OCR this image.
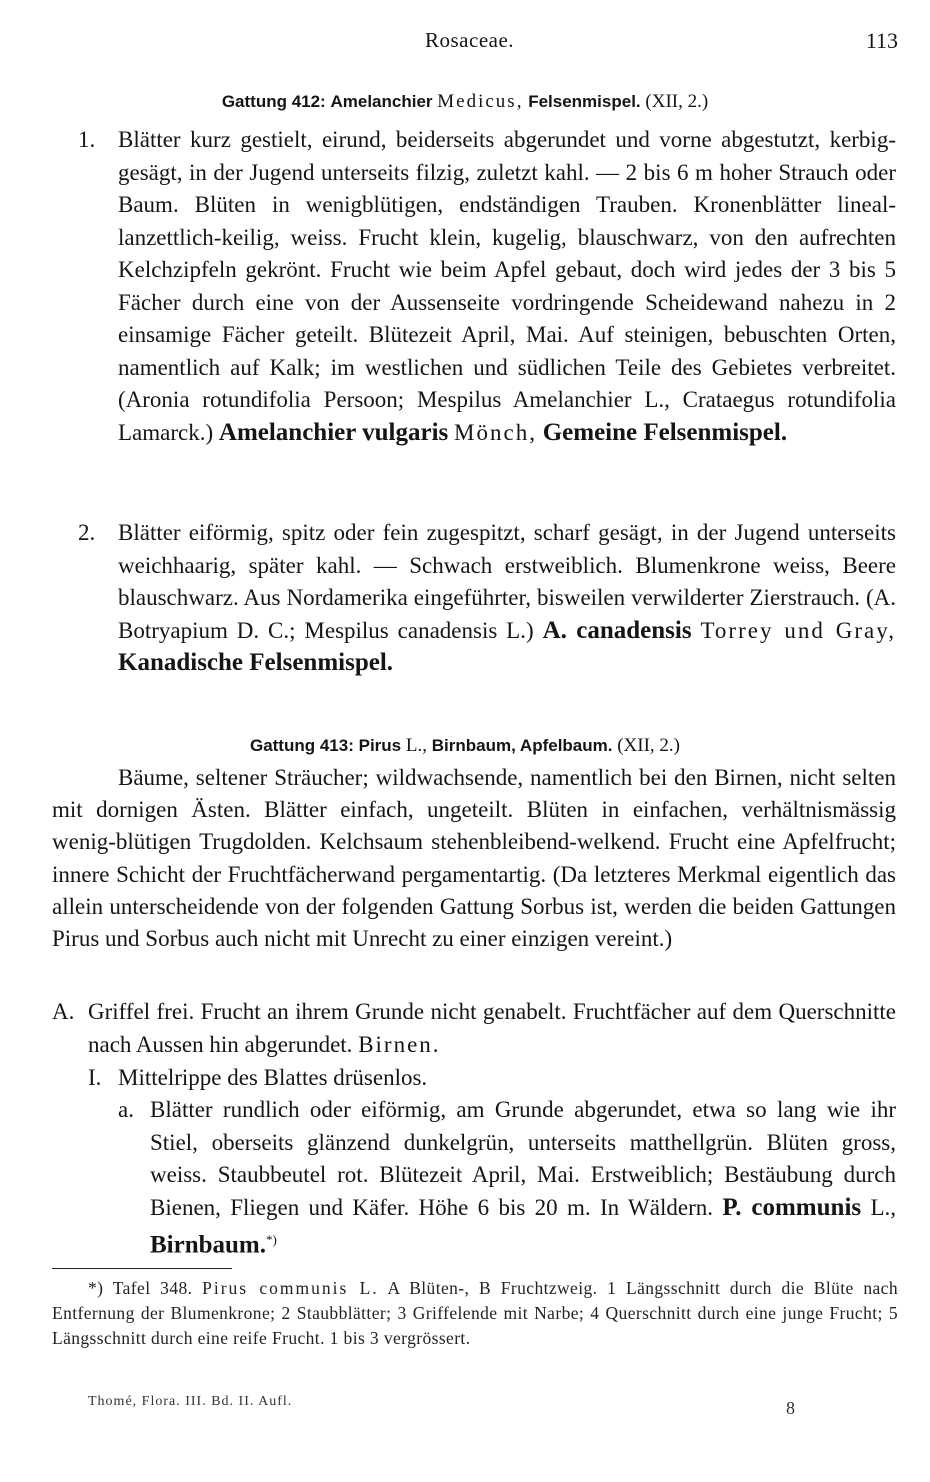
Rosaceae.	113
Gattung 412: Amelanchier Medicus, Felsenmispel. (XII, 2.)
1. Blätter kurz gestielt, eirund, beiderseits abgerundet und vorne abgestutzt, kerbig-gesägt, in der Jugend unterseits filzig, zuletzt kahl. — 2 bis 6 m hoher Strauch oder Baum. Blüten in wenigblütigen, endständigen Trauben. Kronenblätter lineal-lanzettlich-keilig, weiss. Frucht klein, kugelig, blauschwarz, von den aufrechten Kelchzipfeln gekrönt. Frucht wie beim Apfel gebaut, doch wird jedes der 3 bis 5 Fächer durch eine von der Aussenseite vordringende Scheidewand nahezu in 2 einsamige Fächer geteilt. Blütezeit April, Mai. Auf steinigen, bebuschten Orten, namentlich auf Kalk; im westlichen und südlichen Teile des Gebietes verbreitet. (Aronia rotundifolia Persoon; Mespilus Amelanchier L., Crataegus rotundifolia Lamarck.) Amelanchier vulgaris Mönch, Gemeine Felsenmispel.
2. Blätter eiförmig, spitz oder fein zugespitzt, scharf gesägt, in der Jugend unterseits weichhaarig, später kahl. — Schwach erstweiblich. Blumenkrone weiss, Beere blauschwarz. Aus Nordamerika eingeführter, bisweilen verwilderter Zierstrauch. (A. Botryapium D. C.; Mespilus canadensis L.) A. canadensis Torrey und Gray, Kanadische Felsenmispel.
Gattung 413: Pirus L., Birnbaum, Apfelbaum. (XII, 2.)
Bäume, seltener Sträucher; wildwachsende, namentlich bei den Birnen, nicht selten mit dornigen Ästen. Blätter einfach, ungeteilt. Blüten in einfachen, verhältnismässig wenig-blütigen Trugdolden. Kelchsaum stehenbleibend-welkend. Frucht eine Apfelfrucht; innere Schicht der Fruchtfächerwand pergamentartig. (Da letzteres Merkmal eigentlich das allein unterscheidende von der folgenden Gattung Sorbus ist, werden die beiden Gattungen Pirus und Sorbus auch nicht mit Unrecht zu einer einzigen vereint.)
A. Griffel frei. Frucht an ihrem Grunde nicht genabelt. Fruchtfächer auf dem Querschnitte nach Aussen hin abgerundet. Birnen.
I. Mittelrippe des Blattes drüsenlos.
a. Blätter rundlich oder eiförmig, am Grunde abgerundet, etwa so lang wie ihr Stiel, oberseits glänzend dunkelgrün, unterseits matthellgrün. Blüten gross, weiss. Staubbeutel rot. Blütezeit April, Mai. Erstweiblich; Bestäubung durch Bienen, Fliegen und Käfer. Höhe 6 bis 20 m. In Wäldern. P. communis L., Birnbaum.*)
*) Tafel 348. Pirus communis L. A Blüten-, B Fruchtzweig. 1 Längsschnitt durch die Blüte nach Entfernung der Blumenkrone; 2 Staubblätter; 3 Griffelende mit Narbe; 4 Querschnitt durch eine junge Frucht; 5 Längsschnitt durch eine reife Frucht. 1 bis 3 vergrössert.
Thomé, Flora. III. Bd. II. Aufl.	8
